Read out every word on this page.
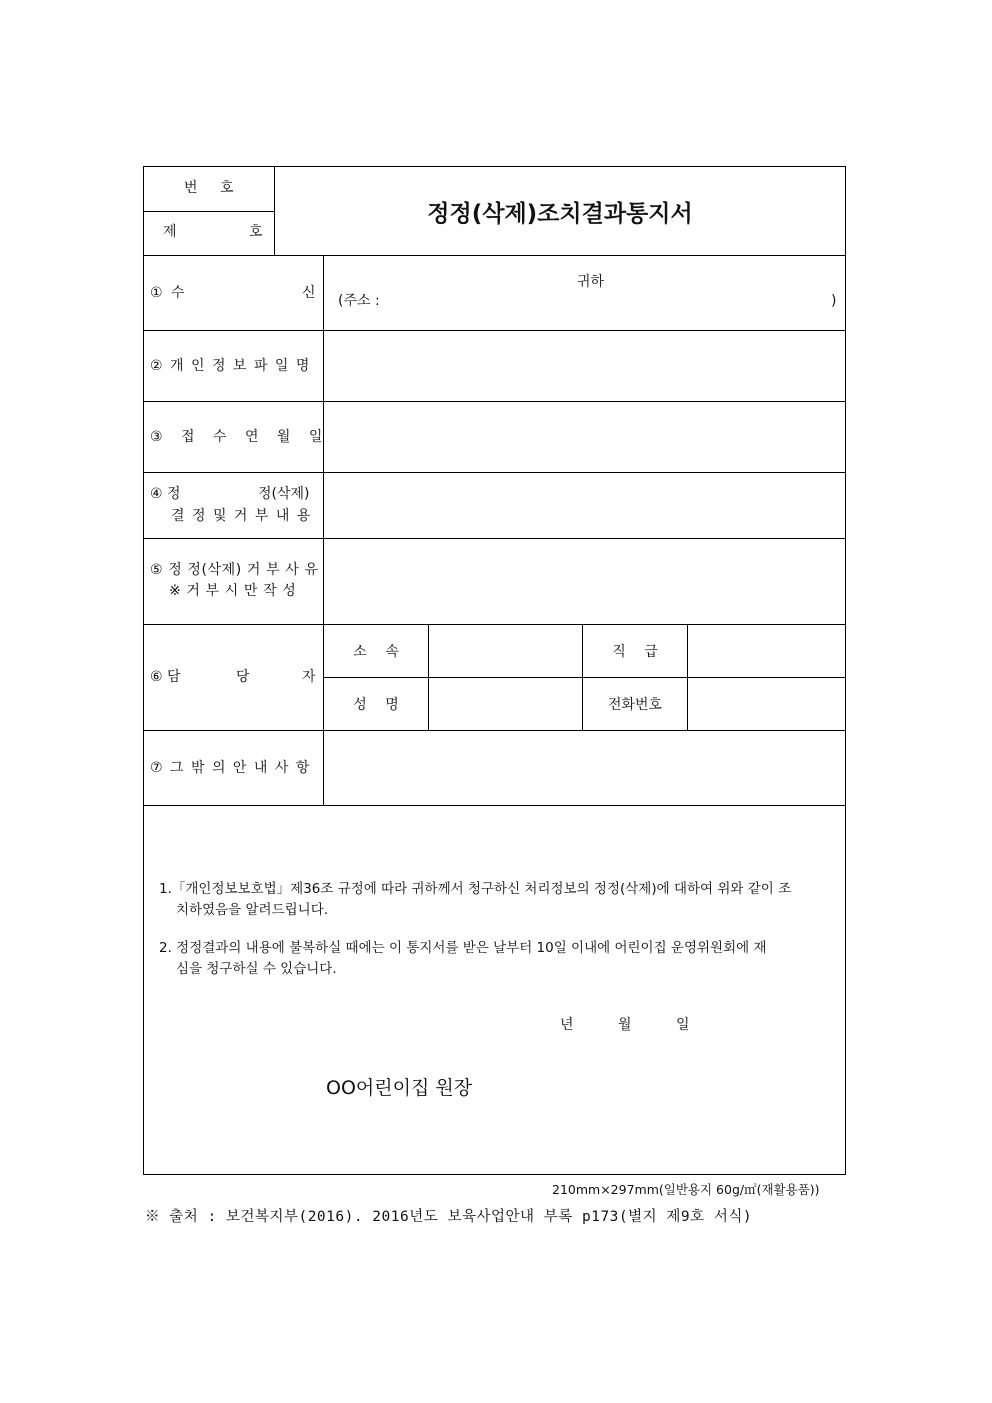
번 호
제 호
정정(삭제)조치결과통지서
① 수	신
귀하
(주소 :	)
② 개 인 정 보 파 일 명
③ 접 수 연 월 일
④ 정	정(삭제)
결 정 및 거 부 내 용
⑤ 정 정(삭제) 거 부 사 유
※ 거 부 시 만 작 성
⑥ 담	당	자
소 속	직 급
성 명	전화번호
⑦ 그 밖 의 안 내 사 항
1.「개인정보보호법」제36조 규정에 따라 귀하께서 청구하신 처리정보의 정정(삭제)에 대하여 위와 같이 조
치하였음을 알려드립니다.
2. 정정결과의 내용에 불복하실 때에는 이 통지서를 받은 날부터 10일 이내에 어린이집 운영위원회에 재
심을 청구하실 수 있습니다.
년	월	일
OO어린이집 원장
210mm×297mm(일반용지 60g/㎡(재활용품))
※ 출처 : 보건복지부(2016). 2016년도 보육사업안내 부록 p173(별지 제9호 서식)
